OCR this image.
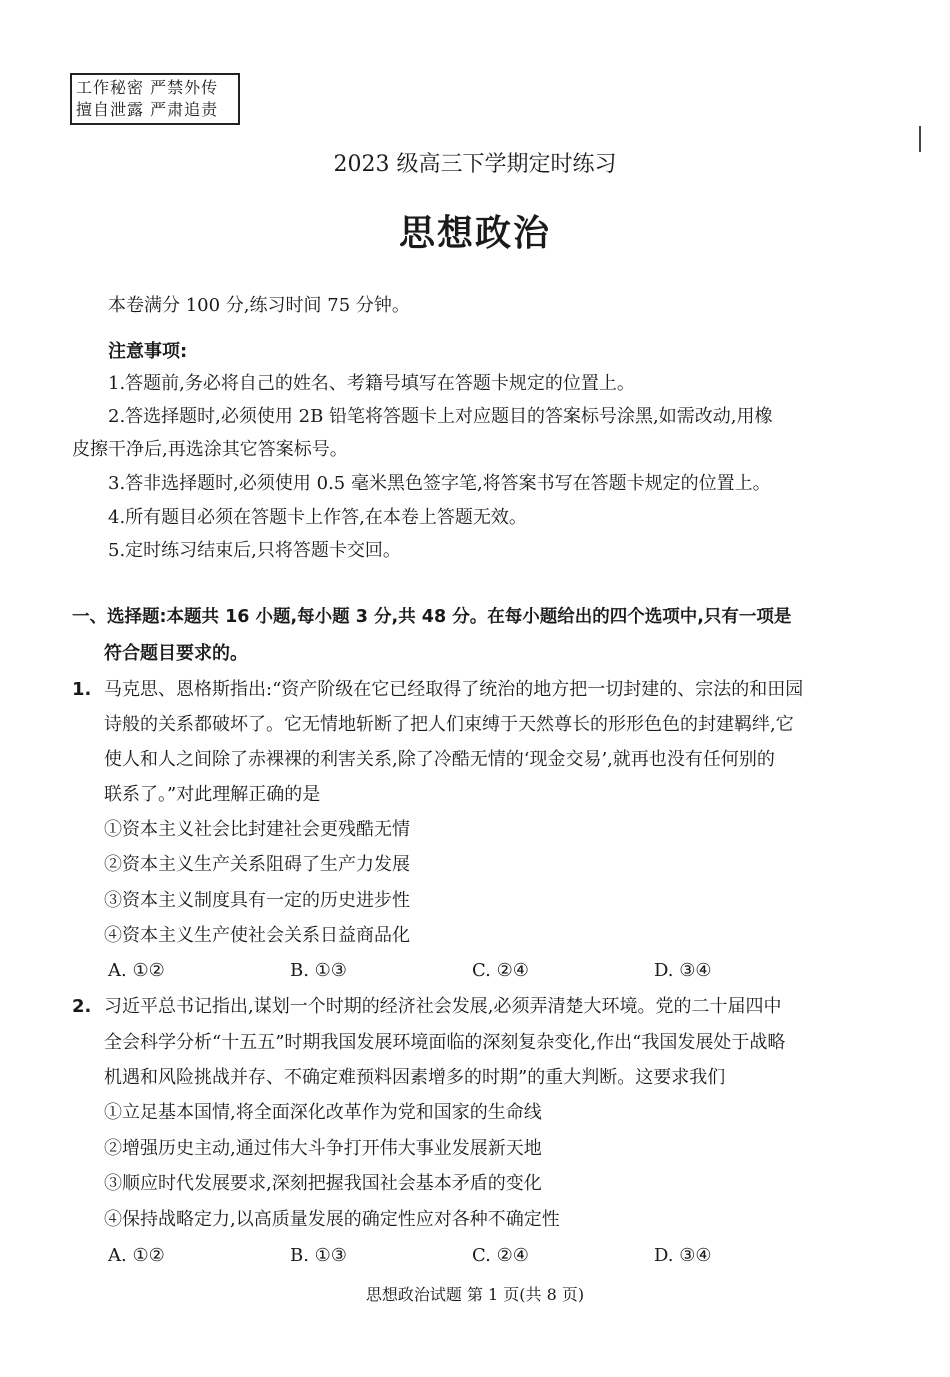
工作秘密 严禁外传
擅自泄露 严肃追责
2023 级高三下学期定时练习
思想政治
本卷满分 100 分,练习时间 75 分钟。
注意事项:
1.答题前,务必将自己的姓名、考籍号填写在答题卡规定的位置上。
2.答选择题时,必须使用 2B 铅笔将答题卡上对应题目的答案标号涂黑,如需改动,用橡
皮擦干净后,再选涂其它答案标号。
3.答非选择题时,必须使用 0.5 毫米黑色签字笔,将答案书写在答题卡规定的位置上。
4.所有题目必须在答题卡上作答,在本卷上答题无效。
5.定时练习结束后,只将答题卡交回。
一、选择题:本题共 16 小题,每小题 3 分,共 48 分。在每小题给出的四个选项中,只有一项是
符合题目要求的。
1. 马克思、恩格斯指出:“资产阶级在它已经取得了统治的地方把一切封建的、宗法的和田园
诗般的关系都破坏了。它无情地斩断了把人们束缚于天然尊长的形形色色的封建羁绊,它
使人和人之间除了赤裸裸的利害关系,除了冷酷无情的‘现金交易’,就再也没有任何别的
联系了。”对此理解正确的是
①资本主义社会比封建社会更残酷无情
②资本主义生产关系阻碍了生产力发展
③资本主义制度具有一定的历史进步性
④资本主义生产使社会关系日益商品化
A. ①②	B. ①③	C. ②④	D. ③④
2. 习近平总书记指出,谋划一个时期的经济社会发展,必须弄清楚大环境。党的二十届四中
全会科学分析“十五五”时期我国发展环境面临的深刻复杂变化,作出“我国发展处于战略
机遇和风险挑战并存、不确定难预料因素增多的时期”的重大判断。这要求我们
①立足基本国情,将全面深化改革作为党和国家的生命线
②增强历史主动,通过伟大斗争打开伟大事业发展新天地
③顺应时代发展要求,深刻把握我国社会基本矛盾的变化
④保持战略定力,以高质量发展的确定性应对各种不确定性
A. ①②	B. ①③	C. ②④	D. ③④
思想政治试题 第 1 页(共 8 页)
